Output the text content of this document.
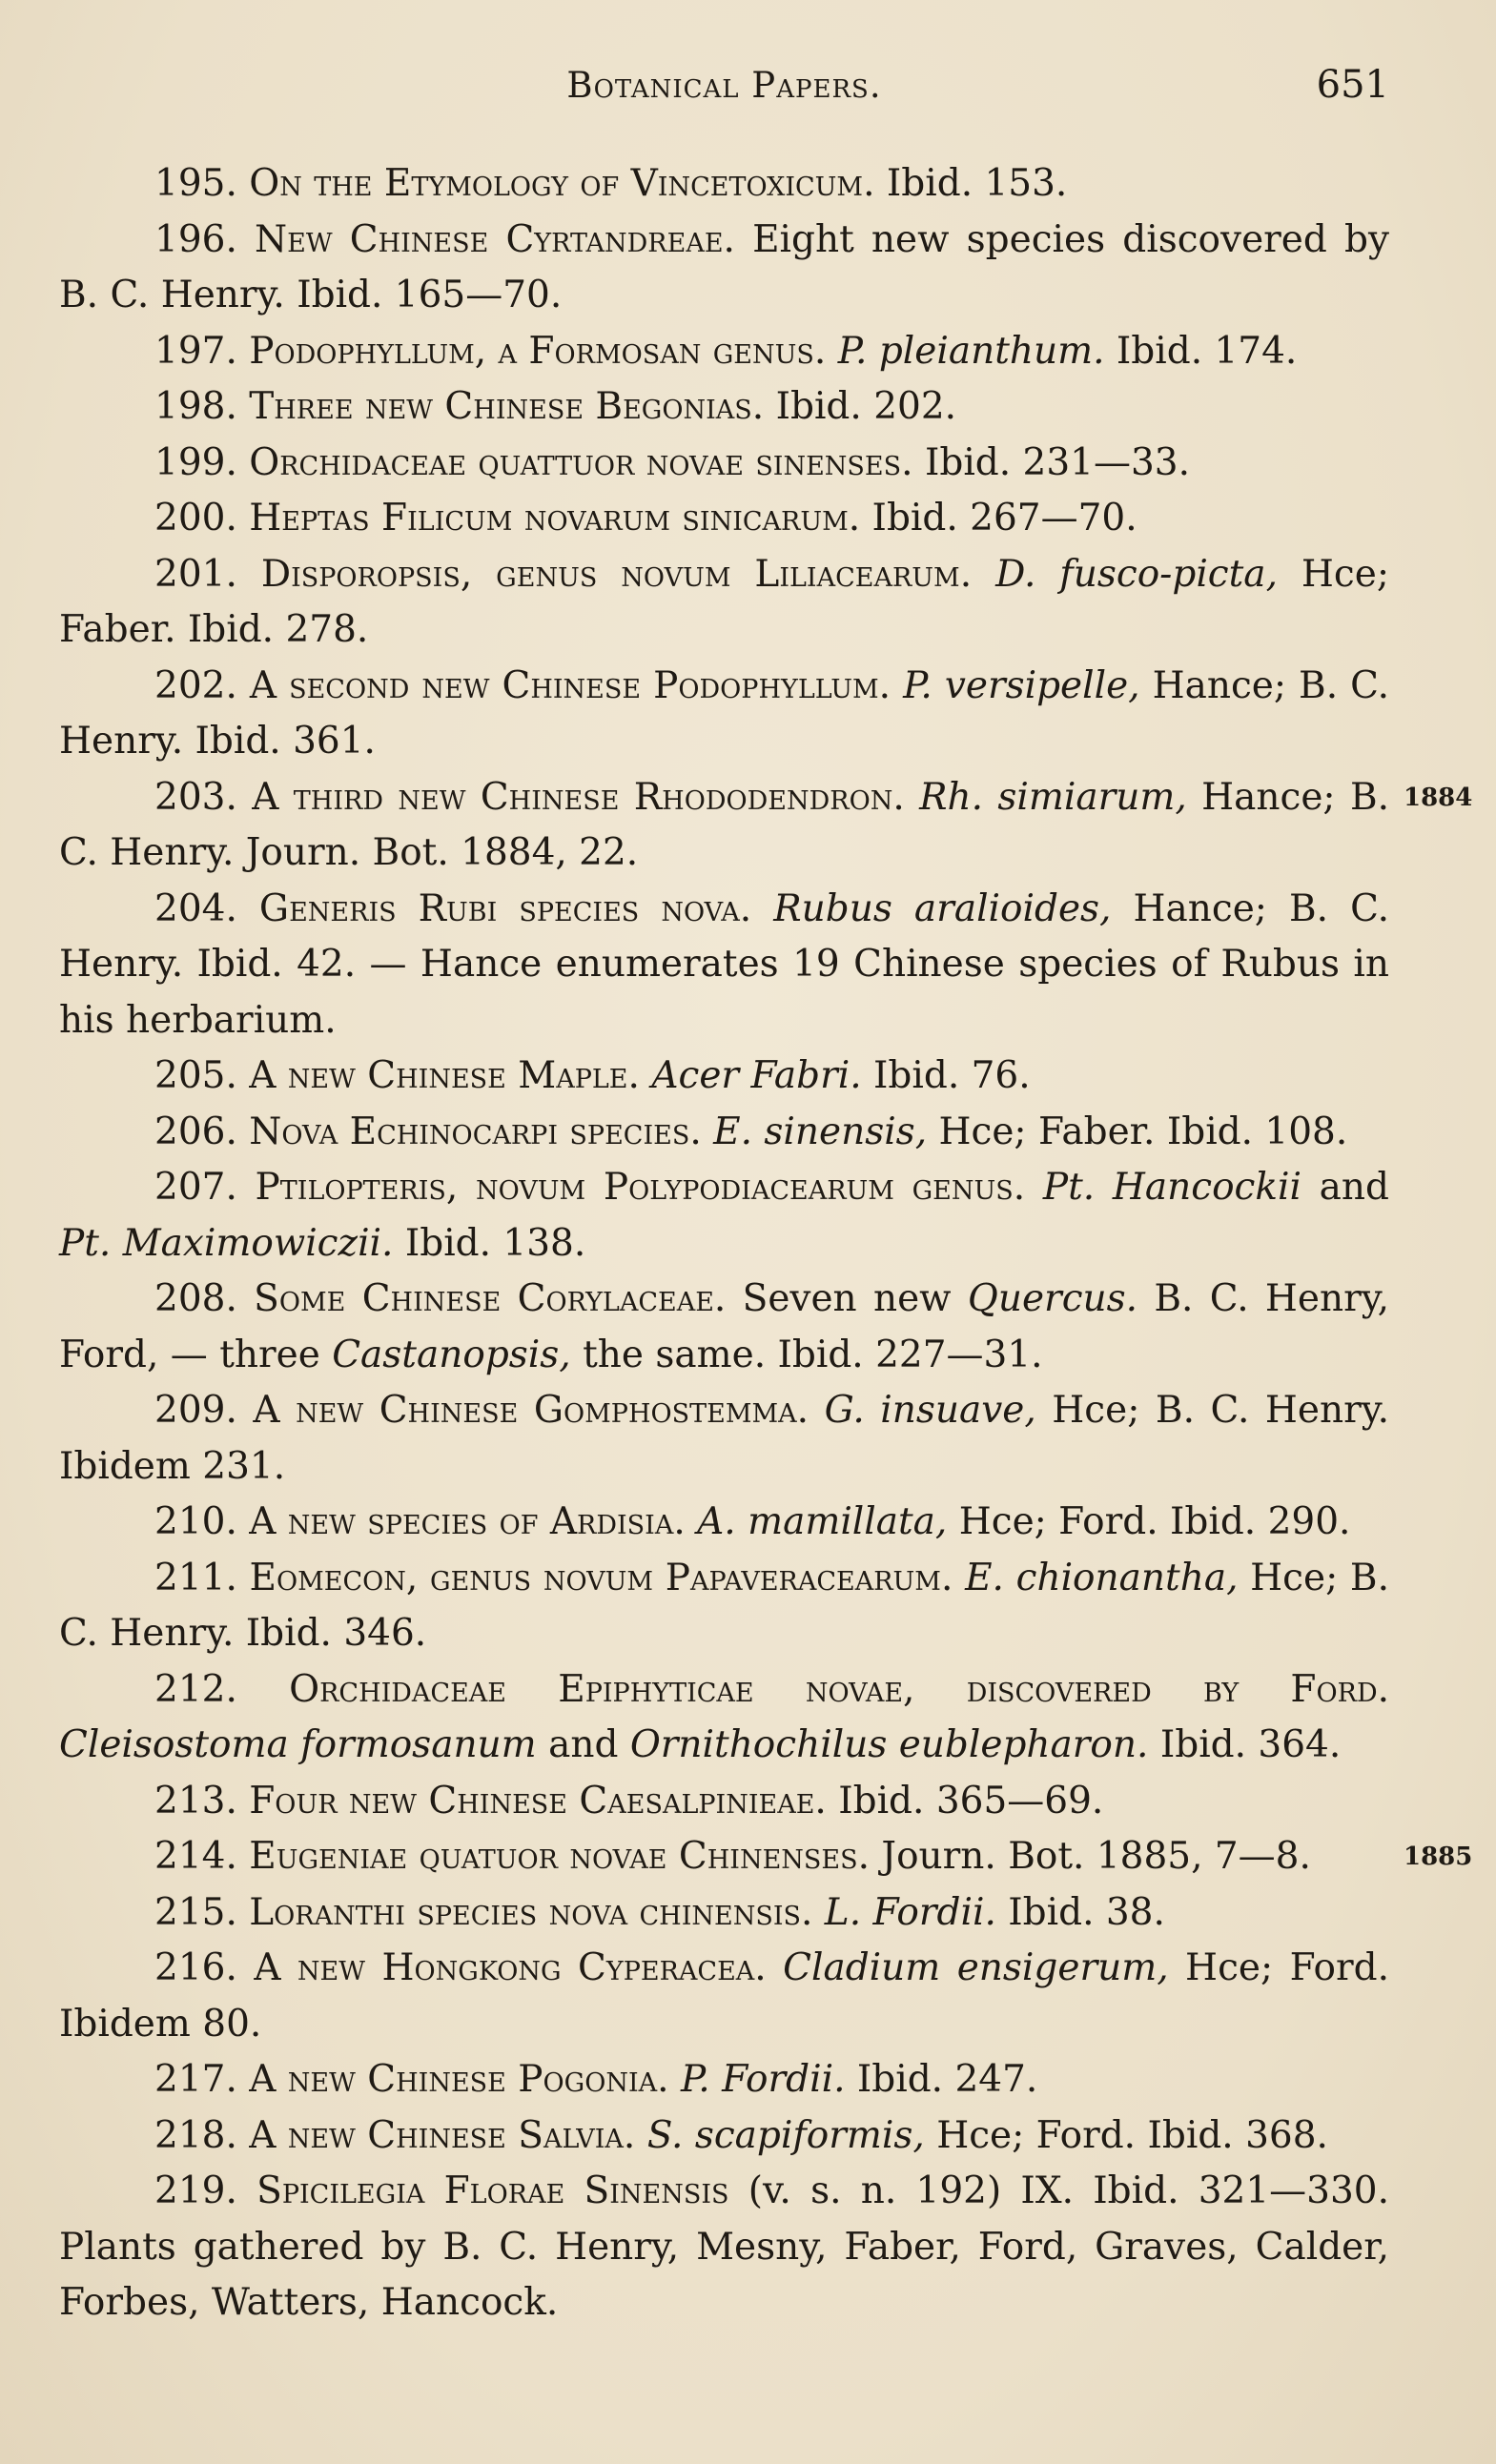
Botanical Papers.	651

195. On the Etymology of Vincetoxicum. Ibid. 153.

196. New Chinese Cyrtandreae. Eight new species discovered by B. C. Henry. Ibid. 165—70.

197. Podophyllum, a Formosan genus. P. pleianthum. Ibid. 174.

198. Three new Chinese Begonias. Ibid. 202.

199. Orchidaceae quattuor novae sinenses. Ibid. 231—33.

200. Heptas Filicum novarum sinicarum. Ibid. 267—70.

201. Disporopsis, genus novum Liliacearum. D. fusco-picta, Hce; Faber. Ibid. 278.

202. A second new Chinese Podophyllum. P. versipelle, Hance; B. C. Henry. Ibid. 361.

203. A third new Chinese Rhododendron. Rh. simiarum, Hance; B. C. Henry. Journ. Bot. 1884, 22.

204. Generis Rubi species nova. Rubus aralioides, Hance; B. C. Henry. Ibid. 42. — Hance enumerates 19 Chinese species of Rubus in his herbarium.

205. A new Chinese Maple. Acer Fabri. Ibid. 76.

206. Nova Echinocarpi species. E. sinensis, Hce; Faber. Ibid. 108.

207. Ptilopteris, novum Polypodiacearum genus. Pt. Hancockii and Pt. Maximowiczii. Ibid. 138.

208. Some Chinese Corylaceae. Seven new Quercus. B. C. Henry, Ford, — three Castanopsis, the same. Ibid. 227—31.

209. A new Chinese Gomphostemma. G. insuave, Hce; B. C. Henry. Ibidem 231.

210. A new species of Ardisia. A. mamillata, Hce; Ford. Ibid. 290.

211. Eomecon, genus novum Papaveracearum. E. chionantha, Hce; B. C. Henry. Ibid. 346.

212. Orchidaceae Epiphyticae novae, discovered by Ford. Cleisostoma formosanum and Ornithochilus eublepharon. Ibid. 364.

213. Four new Chinese Caesalpinieae. Ibid. 365—69.

214. Eugeniae quatuor novae Chinenses. Journ. Bot. 1885, 7—8.

215. Loranthi species nova chinensis. L. Fordii. Ibid. 38.

216. A new Hongkong Cyperacea. Cladium ensigerum, Hce; Ford. Ibidem 80.

217. A new Chinese Pogonia. P. Fordii. Ibid. 247.

218. A new Chinese Salvia. S. scapiformis, Hce; Ford. Ibid. 368.

219. Spicilegia Florae Sinensis (v. s. n. 192) IX. Ibid. 321—330. Plants gathered by B. C. Henry, Mesny, Faber, Ford, Graves, Calder, Forbes, Watters, Hancock.

1884
1885
